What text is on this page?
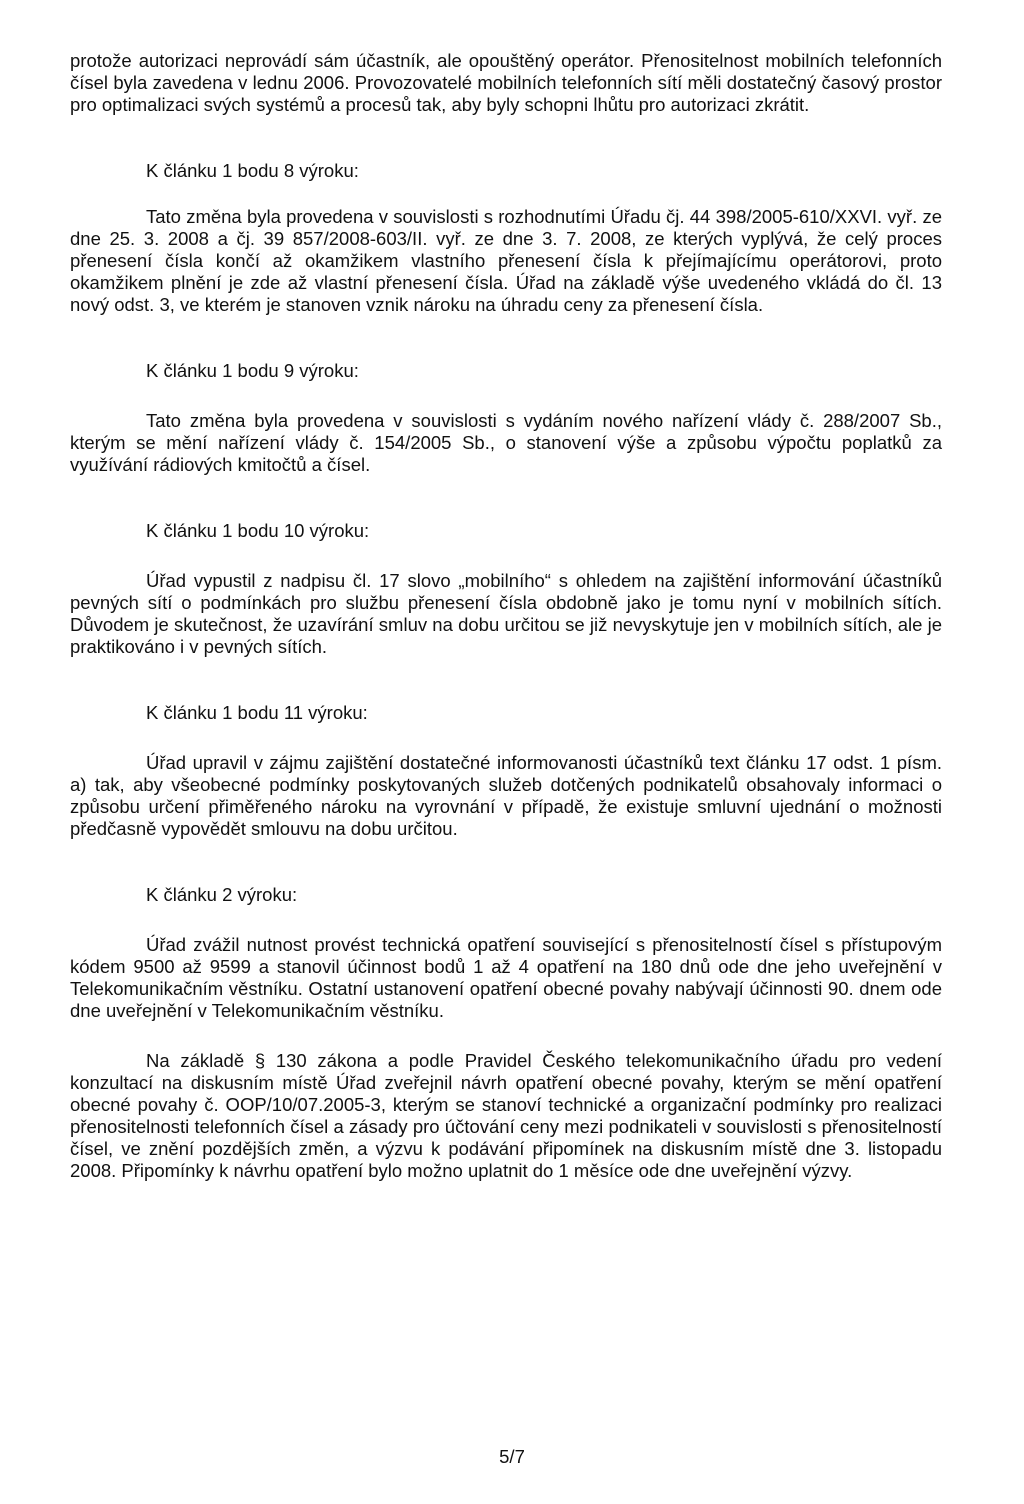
protože autorizaci neprovádí sám účastník, ale opouštěný operátor. Přenositelnost mobilních telefonních čísel byla zavedena v lednu 2006. Provozovatelé mobilních telefonních sítí měli dostatečný časový prostor pro optimalizaci svých systémů a procesů tak, aby byly schopni lhůtu pro autorizaci zkrátit.

K článku 1 bodu 8 výroku:

Tato změna byla provedena v souvislosti s rozhodnutími Úřadu čj. 44 398/2005-610/XXVI. vyř. ze dne 25. 3. 2008 a čj. 39 857/2008-603/II. vyř. ze dne 3. 7. 2008, ze kterých vyplývá, že celý proces přenesení čísla končí až okamžikem vlastního přenesení čísla k přejímajícímu operátorovi, proto okamžikem plnění je zde až vlastní přenesení čísla. Úřad na základě výše uvedeného vkládá do čl. 13 nový odst. 3, ve kterém je stanoven vznik nároku na úhradu ceny za přenesení čísla.

K článku 1 bodu 9 výroku:

Tato změna byla provedena v souvislosti s vydáním nového nařízení vlády č. 288/2007 Sb., kterým se mění nařízení vlády č. 154/2005 Sb., o stanovení výše a způsobu výpočtu poplatků za využívání rádiových kmitočtů a čísel.

K článku 1 bodu 10 výroku:

Úřad vypustil z nadpisu čl. 17 slovo „mobilního“ s ohledem na zajištění informování účastníků pevných sítí o podmínkách pro službu přenesení čísla obdobně jako je tomu nyní v mobilních sítích. Důvodem je skutečnost, že uzavírání smluv na dobu určitou se již nevyskytuje jen v mobilních sítích, ale je praktikováno i v pevných sítích.

K článku 1 bodu 11 výroku:

Úřad upravil v zájmu zajištění dostatečné informovanosti účastníků text článku 17 odst. 1 písm. a) tak, aby všeobecné podmínky poskytovaných služeb dotčených podnikatelů obsahovaly informaci o způsobu určení přiměřeného nároku na vyrovnání v případě, že existuje smluvní ujednání o možnosti předčasně vypovědět smlouvu na dobu určitou.

K článku 2 výroku:

Úřad zvážil nutnost provést technická opatření související s přenositelností čísel s přístupovým kódem 9500 až 9599 a stanovil účinnost bodů 1 až 4 opatření na 180 dnů ode dne jeho uveřejnění v Telekomunikačním věstníku. Ostatní ustanovení opatření obecné povahy nabývají účinnosti 90. dnem ode dne uveřejnění v Telekomunikačním věstníku.

Na základě § 130 zákona a podle Pravidel Českého telekomunikačního úřadu pro vedení konzultací na diskusním místě Úřad zveřejnil návrh opatření obecné povahy, kterým se mění opatření obecné povahy č. OOP/10/07.2005-3, kterým se stanoví technické a organizační podmínky pro realizaci přenositelnosti telefonních čísel a zásady pro účtování ceny mezi podnikateli v souvislosti s přenositelností čísel, ve znění pozdějších změn, a výzvu k podávání připomínek na diskusním místě dne 3. listopadu 2008. Připomínky k návrhu opatření bylo možno uplatnit do 1 měsíce ode dne uveřejnění výzvy.

5/7
